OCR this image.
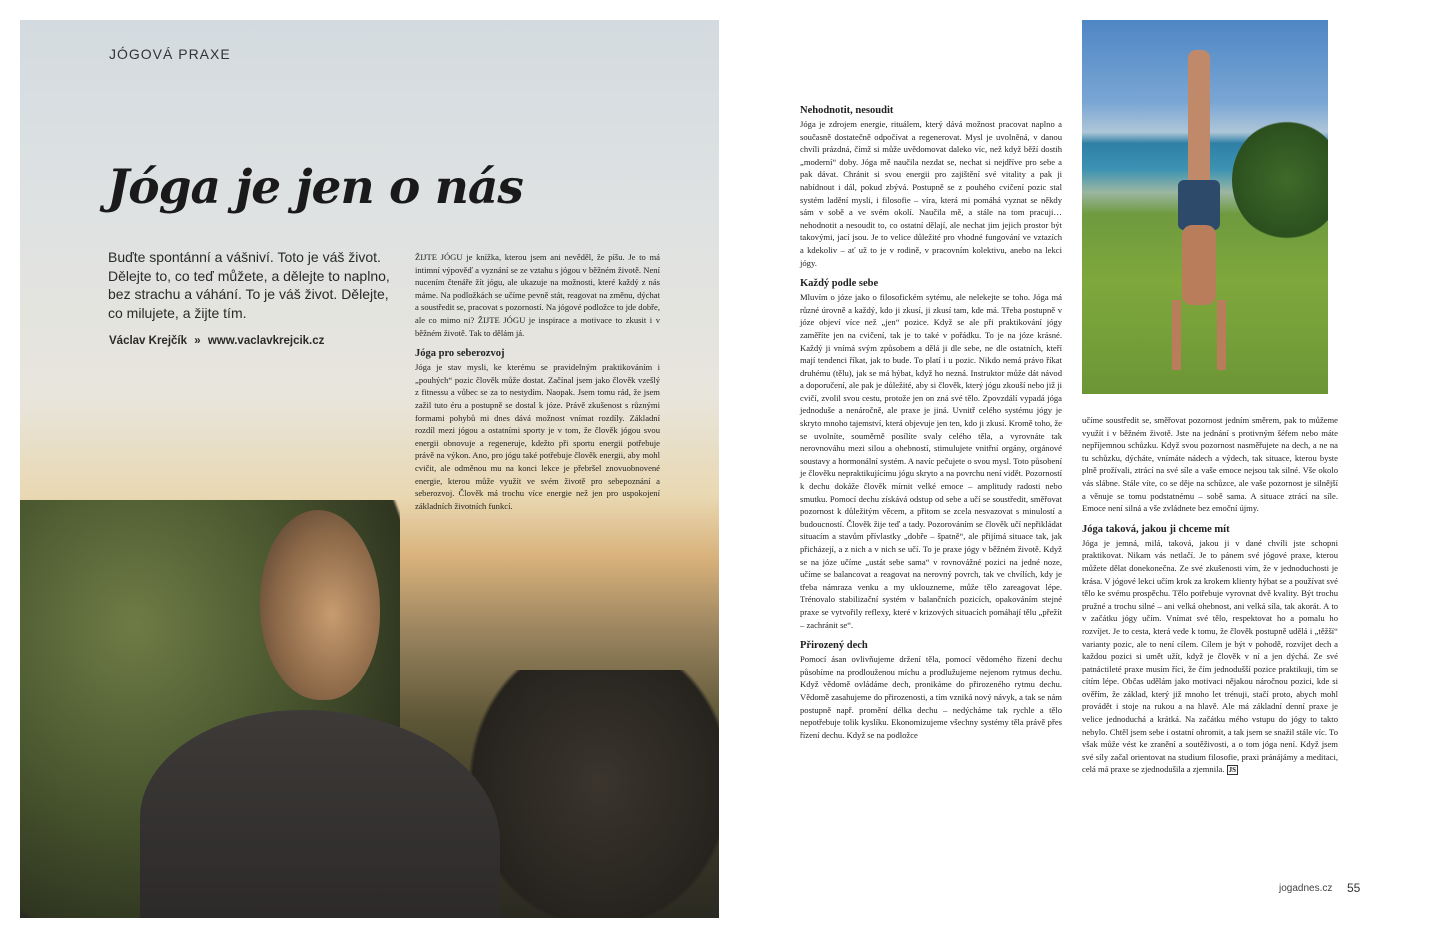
JÓGOVÁ PRAXE
Jóga je jen o nás
Buďte spontánní a vášniví. Toto je váš život. Dělejte to, co teď můžete, a dělejte to naplno, bez strachu a váhání. To je váš život. Dělejte, co milujete, a žijte tím.
Václav Krejčík » www.vaclavkrejcik.cz

ŽIJTE JÓGU je knížka, kterou jsem ani nevěděl, že píšu. Je to má intimní výpověď a vyznání se ze vztahu s jógou v běžném životě. Není nucením čtenáře žít jógu, ale ukazuje na možnosti, které každý z nás máme. Na podložkách se učíme pevně stát, reagovat na změnu, dýchat a soustředit se, pracovat s pozorností. Na jógové podložce to jde dobře, ale co mimo ni? ŽIJTE JÓGU je inspirace a motivace to zkusit i v běžném životě. Tak to dělám já.

Jóga pro seberozvoj

Jóga je stav mysli, ke kterému se pravidelným praktikováním i „pouhých“ pozic člověk může dostat. Začínal jsem jako člověk vzešlý z fitnessu a vůbec se za to nestydím. Naopak. Jsem tomu rád, že jsem zažil tuto éru a postupně se dostal k józe. Právě zkušenost s různými formami pohybů mi dnes dává možnost vnímat rozdíly. Základní rozdíl mezi jógou a ostatními sporty je v tom, že člověk jógou svou energii obnovuje a regeneruje, kdežto při sportu energii potřebuje právě na výkon. Ano, pro jógu také potřebuje člověk energii, aby mohl cvičit, ale odměnou mu na konci lekce je přebršel znovuobnovené energie, kterou může využít ve svém životě pro sebepoznání a seberozvoj. Člověk má trochu více energie než jen pro uspokojení základních životních funkcí.

Nehodnotit, nesoudit

Jóga je zdrojem energie, rituálem, který dává možnost pracovat naplno a současně dostatečně odpočívat a regenerovat. Mysl je uvolněná, v danou chvíli prázdná, čímž si může uvědomovat daleko víc, než když běží dostih „moderní“ doby. Jóga mě naučila nezdat se, nechat si nejdříve pro sebe a pak dávat. Chránit si svou energii pro zajištění své vitality a pak ji nabídnout i dál, pokud zbývá. Postupně se z pouhého cvičení pozic stal systém ladění mysli, i filosofie – víra, která mi pomáhá vyznat se někdy sám v sobě a ve svém okolí. Naučila mě, a stále na tom pracuji… nehodnotit a nesoudit to, co ostatní dělají, ale nechat jim jejich prostor být takovými, jací jsou. Je to velice důležité pro vhodné fungování ve vztazích a kdekoliv – ať už to je v rodině, v pracovním kolektivu, anebo na lekci jógy.

Každý podle sebe

Mluvím o józe jako o filosofickém sytému, ale nelekejte se toho. Jóga má různé úrovně a každý, kdo ji zkusí, ji zkusí tam, kde má. Třeba postupně v józe objeví více než „jen“ pozice. Když se ale při praktikování jógy zaměříte jen na cvičení, tak je to také v pořádku. To je na józe krásné. Každý ji vnímá svým způsobem a dělá ji dle sebe, ne dle ostatních, kteří mají tendenci říkat, jak to bude. To platí i u pozic. Nikdo nemá právo říkat druhému (tělu), jak se má hýbat, když ho nezná. Instruktor může dát návod a doporučení, ale pak je důležité, aby si člověk, který jógu zkouší nebo již ji cvičí, zvolil svou cestu, protože jen on zná své tělo. Zpovzdálí vypadá jóga jednoduše a nenáročně, ale praxe je jiná. Uvnitř celého systému jógy je skryto mnoho tajemství, která objevuje jen ten, kdo ji zkusí. Kromě toho, že se uvolníte, souměrně posílíte svaly celého těla, a vyrovnáte tak nerovnováhu mezi silou a ohebností, stimulujete vnitřní orgány, orgánové soustavy a hormonální systém. A navíc pečujete o svou mysl. Toto působení je člověku nepraktikujícímu jógu skryto a na povrchu není vidět. Pozorností k dechu dokáže člověk mírnit velké emoce – amplitudy radosti nebo smutku. Pomocí dechu získává odstup od sebe a učí se soustředit, směřovat pozornost k důležitým věcem, a přitom se zcela nesvazovat s minulostí a budoucností. Člověk žije teď a tady. Pozorováním se člověk učí nepřikládat situacím a stavům přívlastky „dobře – špatně“, ale přijímá situace tak, jak přicházejí, a z nich a v nich se učí. To je praxe jógy v běžném životě. Když se na józe učíme „ustát sebe sama“ v rovnovážné pozici na jedné noze, učíme se balancovat a reagovat na nerovný povrch, tak ve chvílích, kdy je třeba námraza venku a my uklouzneme, může tělo zareagovat lépe. Trénovalo stabilizační systém v balančních pozicích, opakováním stejné praxe se vytvořily reflexy, které v krizových situacích pomáhají tělu „přežít – zachránit se“.

Přirozený dech

Pomocí ásan ovlivňujeme držení těla, pomocí vědomého řízení dechu působíme na prodlouženou míchu a prodlužujeme nejenom rytmus dechu. Když vědomě ovládáme dech, pronikáme do přirozeného rytmu dechu. Vědomě zasahujeme do přirozenosti, a tím vzniká nový návyk, a tak se nám postupně např. promění délka dechu – nedýcháme tak rychle a tělo nepotřebuje tolik kyslíku. Ekonomizujeme všechny systémy těla právě přes řízení dechu. Když se na podložce

učíme soustředit se, směřovat pozornost jedním směrem, pak to můžeme využít i v běžném životě. Jste na jednání s protivným šéfem nebo máte nepříjemnou schůzku. Když svou pozornost nasměřujete na dech, a ne na tu schůzku, dýcháte, vnímáte nádech a výdech, tak situace, kterou byste plně prožívali, ztrácí na své síle a vaše emoce nejsou tak silné. Vše okolo vás slábne. Stále víte, co se děje na schůzce, ale vaše pozornost je silnější a věnuje se tomu podstatnému – sobě sama. A situace ztrácí na síle. Emoce není silná a vše zvládnete bez emoční újmy.

Jóga taková, jakou ji chceme mít

Jóga je jemná, milá, taková, jakou ji v dané chvíli jste schopni praktikovat. Nikam vás netlačí. Je to pánem své jógové praxe, kterou můžete dělat donekonečna. Ze své zkušenosti vím, že v jednoduchosti je krása. V jógové lekci učím krok za krokem klienty hýbat se a používat své tělo ke svému prospěchu. Tělo potřebuje vyrovnat dvě kvality. Být trochu pružné a trochu silné – ani velká ohebnost, ani velká síla, tak akorát. A to v začátku jógy učím. Vnímat své tělo, respektovat ho a pomalu ho rozvíjet. Je to cesta, která vede k tomu, že člověk postupně udělá i „těžší“ varianty pozic, ale to není cílem. Cílem je být v pohodě, rozvíjet dech a každou pozici si umět užít, když je člověk v ní a jen dýchá. Ze své patnáctileté praxe musím říci, že čím jednodušší pozice praktikuji, tím se cítím lépe. Občas udělám jako motivaci nějakou náročnou pozici, kde si ověřím, že základ, který již mnoho let trénuji, stačí proto, abych mohl provádět i stoje na rukou a na hlavě. Ale má základní denní praxe je velice jednoduchá a krátká. Na začátku mého vstupu do jógy to takto nebylo. Chtěl jsem sebe i ostatní ohromit, a tak jsem se snažil stále víc. To však může vést ke zranění a soutěživosti, a o tom jóga není. Když jsem své síly začal orientovat na studium filosofie, praxi pránájámy a meditaci, celá má praxe se zjednodušila a zjemnila. JS

jogadnes.cz 55
